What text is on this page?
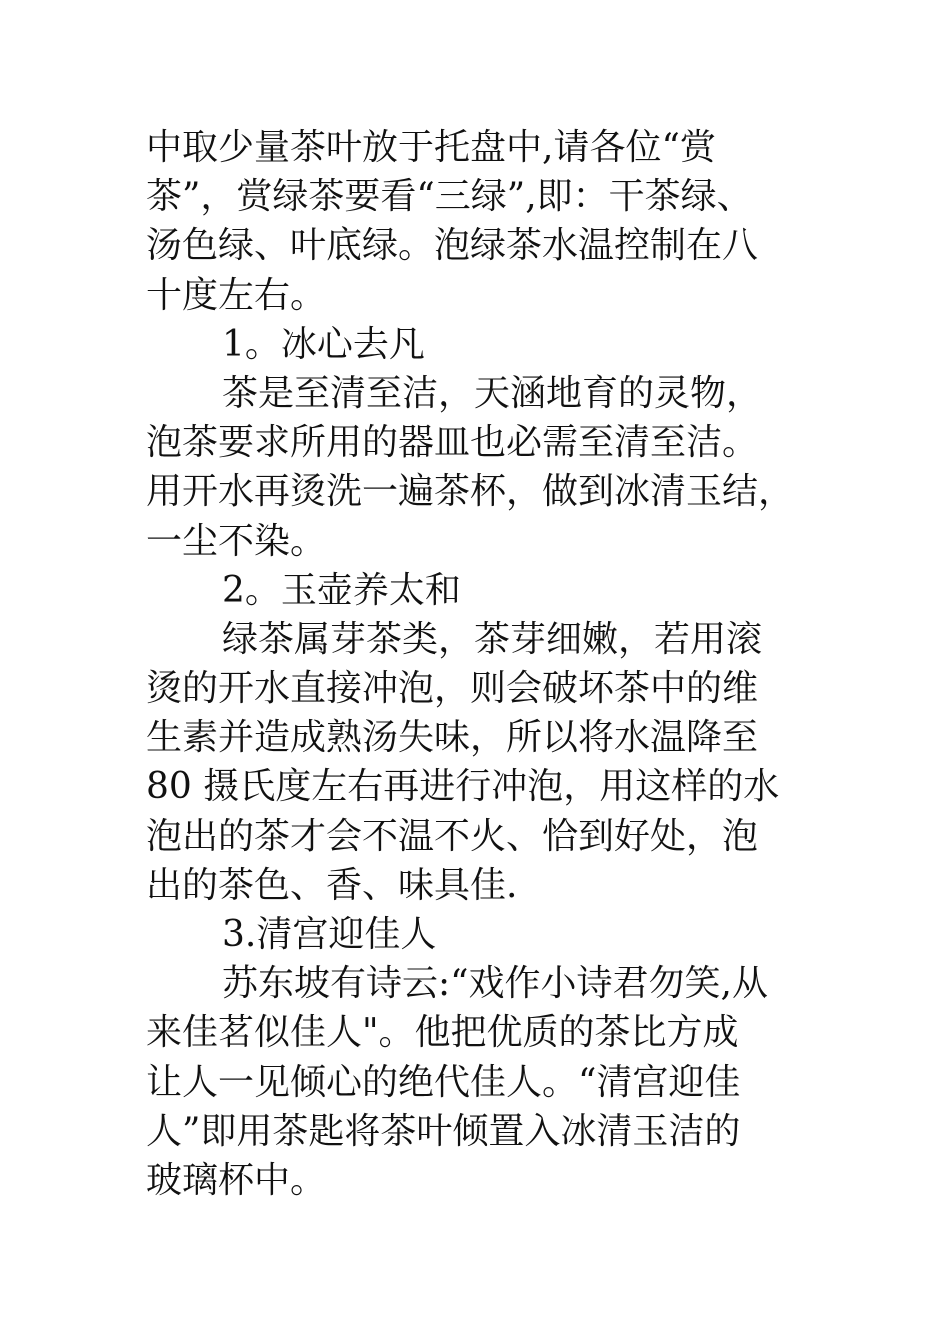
中取少量茶叶放于托盘中,请各位“赏
茶”，赏绿茶要看“三绿”,即：干茶绿、
汤色绿、叶底绿。泡绿茶水温控制在八
十度左右。
1。冰心去凡
茶是至清至洁，天涵地育的灵物，
泡茶要求所用的器皿也必需至清至洁。
用开水再烫洗一遍茶杯，做到冰清玉结，
一尘不染。
2。玉壶养太和
绿茶属芽茶类，茶芽细嫩，若用滚
烫的开水直接冲泡，则会破坏茶中的维
生素并造成熟汤失味，所以将水温降至
80 摄氏度左右再进行冲泡，用这样的水
泡出的茶才会不温不火、恰到好处，泡
出的茶色、香、味具佳.
3.清宫迎佳人
苏东坡有诗云:“戏作小诗君勿笑,从
来佳茗似佳人"。他把优质的茶比方成
让人一见倾心的绝代佳人。“清宫迎佳
人”即用茶匙将茶叶倾置入冰清玉洁的
玻璃杯中。
